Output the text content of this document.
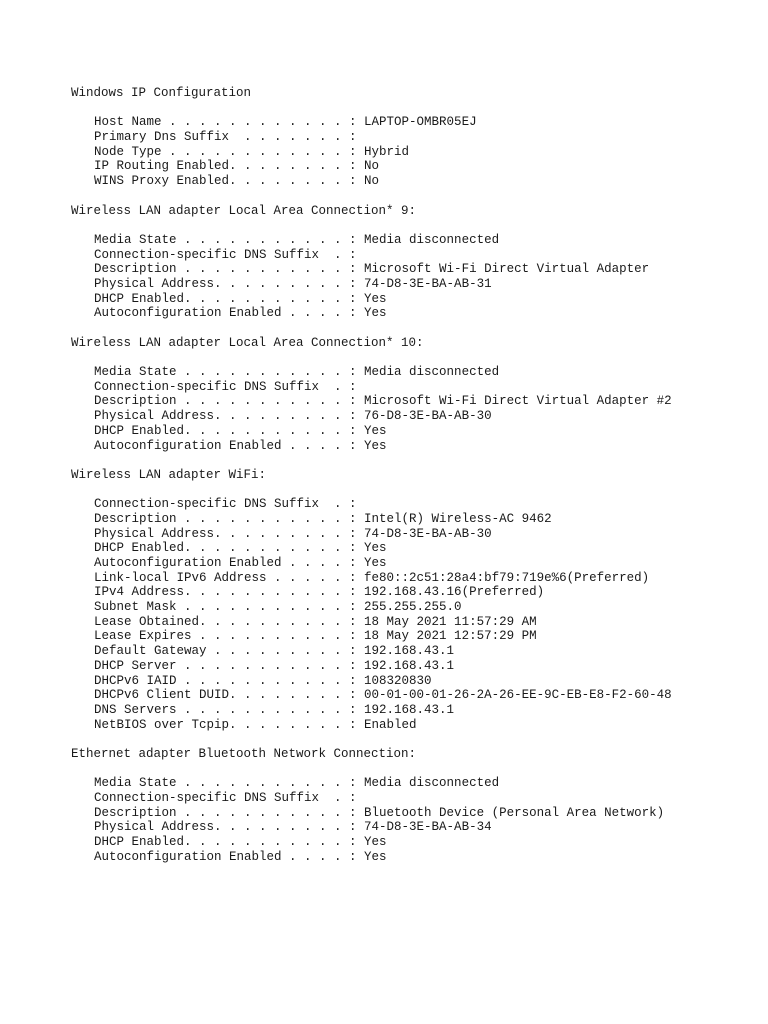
Windows IP Configuration
Host Name . . . . . . . . . . . . : LAPTOP-OMBR05EJ
Primary Dns Suffix  . . . . . . . :
Node Type . . . . . . . . . . . . : Hybrid
IP Routing Enabled. . . . . . . . : No
WINS Proxy Enabled. . . . . . . . : No
Wireless LAN adapter Local Area Connection* 9:
Media State . . . . . . . . . . . : Media disconnected
Connection-specific DNS Suffix  . :
Description . . . . . . . . . . . : Microsoft Wi-Fi Direct Virtual Adapter
Physical Address. . . . . . . . . : 74-D8-3E-BA-AB-31
DHCP Enabled. . . . . . . . . . . : Yes
Autoconfiguration Enabled . . . . : Yes
Wireless LAN adapter Local Area Connection* 10:
Media State . . . . . . . . . . . : Media disconnected
Connection-specific DNS Suffix  . :
Description . . . . . . . . . . . : Microsoft Wi-Fi Direct Virtual Adapter #2
Physical Address. . . . . . . . . : 76-D8-3E-BA-AB-30
DHCP Enabled. . . . . . . . . . . : Yes
Autoconfiguration Enabled . . . . : Yes
Wireless LAN adapter WiFi:
Connection-specific DNS Suffix  . :
Description . . . . . . . . . . . : Intel(R) Wireless-AC 9462
Physical Address. . . . . . . . . : 74-D8-3E-BA-AB-30
DHCP Enabled. . . . . . . . . . . : Yes
Autoconfiguration Enabled . . . . : Yes
Link-local IPv6 Address . . . . . : fe80::2c51:28a4:bf79:719e%6(Preferred)
IPv4 Address. . . . . . . . . . . : 192.168.43.16(Preferred)
Subnet Mask . . . . . . . . . . . : 255.255.255.0
Lease Obtained. . . . . . . . . . : 18 May 2021 11:57:29 AM
Lease Expires . . . . . . . . . . : 18 May 2021 12:57:29 PM
Default Gateway . . . . . . . . . : 192.168.43.1
DHCP Server . . . . . . . . . . . : 192.168.43.1
DHCPv6 IAID . . . . . . . . . . . : 108320830
DHCPv6 Client DUID. . . . . . . . : 00-01-00-01-26-2A-26-EE-9C-EB-E8-F2-60-48
DNS Servers . . . . . . . . . . . : 192.168.43.1
NetBIOS over Tcpip. . . . . . . . : Enabled
Ethernet adapter Bluetooth Network Connection:
Media State . . . . . . . . . . . : Media disconnected
Connection-specific DNS Suffix  . :
Description . . . . . . . . . . . : Bluetooth Device (Personal Area Network)
Physical Address. . . . . . . . . : 74-D8-3E-BA-AB-34
DHCP Enabled. . . . . . . . . . . : Yes
Autoconfiguration Enabled . . . . : Yes
